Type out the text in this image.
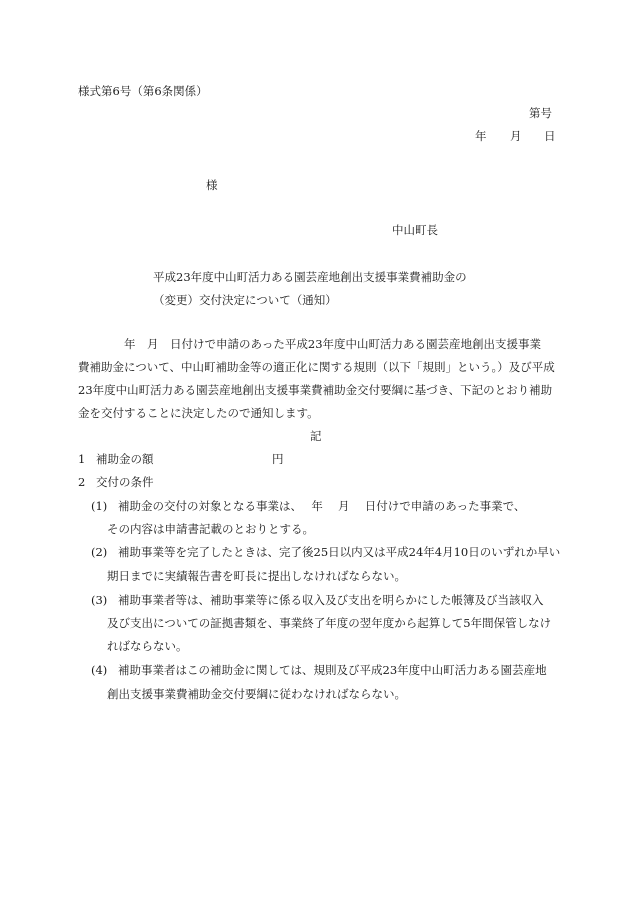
様式第6号（第6条関係）
第号
年 月 日
様
中山町長
平成23年度中山町活力ある園芸産地創出支援事業費補助金の
（変更）交付決定について（通知）
年　月　日付けで申請のあった平成23年度中山町活力ある園芸産地創出支援事業
費補助金について、中山町補助金等の適正化に関する規則（以下「規則」という。）及び平成
23年度中山町活力ある園芸産地創出支援事業費補助金交付要綱に基づき、下記のとおり補助
金を交付することに決定したので通知します。
記
1 補助金の額	円
2 交付の条件
(1) 補助金の交付の対象となる事業は、　 年　 月　 日付けで申請のあった事業で、
その内容は申請書記載のとおりとする。
(2) 補助事業等を完了したときは、完了後25日以内又は平成24年4月10日のいずれか早い
期日までに実績報告書を町長に提出しなければならない。
(3) 補助事業者等は、補助事業等に係る収入及び支出を明らかにした帳簿及び当該収入
及び支出についての証拠書類を、事業終了年度の翌年度から起算して5年間保管しなけ
ればならない。
(4) 補助事業者はこの補助金に関しては、規則及び平成23年度中山町活力ある園芸産地
創出支援事業費補助金交付要綱に従わなければならない。
